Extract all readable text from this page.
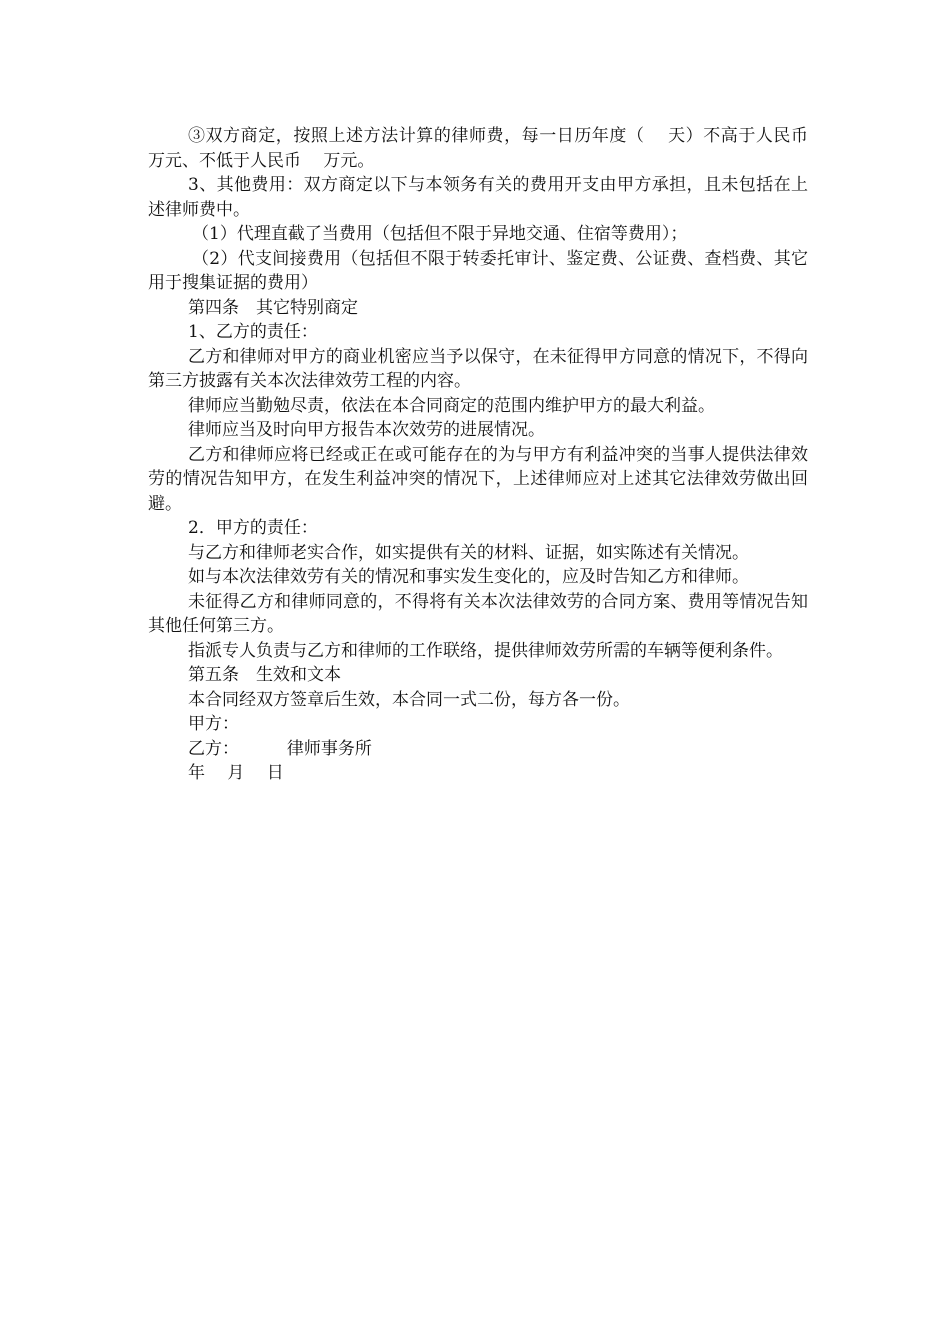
③双方商定，按照上述方法计算的律师费，每一日历年度（　 天）不高于人民币　 万元、不低于人民币　 万元。

3、其他费用：双方商定以下与本领务有关的费用开支由甲方承担，且未包括在上述律师费中。

（1）代理直截了当费用（包括但不限于异地交通、住宿等费用）；

（2）代支间接费用（包括但不限于转委托审计、鉴定费、公证费、查档费、其它用于搜集证据的费用）

第四条　其它特别商定

1、乙方的责任：

乙方和律师对甲方的商业机密应当予以保守，在未征得甲方同意的情况下，不得向第三方披露有关本次法律效劳工程的内容。

律师应当勤勉尽责，依法在本合同商定的范围内维护甲方的最大利益。

律师应当及时向甲方报告本次效劳的进展情况。

乙方和律师应将已经或正在或可能存在的为与甲方有利益冲突的当事人提供法律效劳的情况告知甲方，在发生利益冲突的情况下，上述律师应对上述其它法律效劳做出回避。

2．甲方的责任：

与乙方和律师老实合作，如实提供有关的材料、证据，如实陈述有关情况。

如与本次法律效劳有关的情况和事实发生变化的，应及时告知乙方和律师。

未征得乙方和律师同意的，不得将有关本次法律效劳的合同方案、费用等情况告知其他任何第三方。

指派专人负责与乙方和律师的工作联络，提供律师效劳所需的车辆等便利条件。

第五条　生效和文本

本合同经双方签章后生效，本合同一式二份，每方各一份。

甲方：

乙方：　　　 律师事务所

年　 月　 日
